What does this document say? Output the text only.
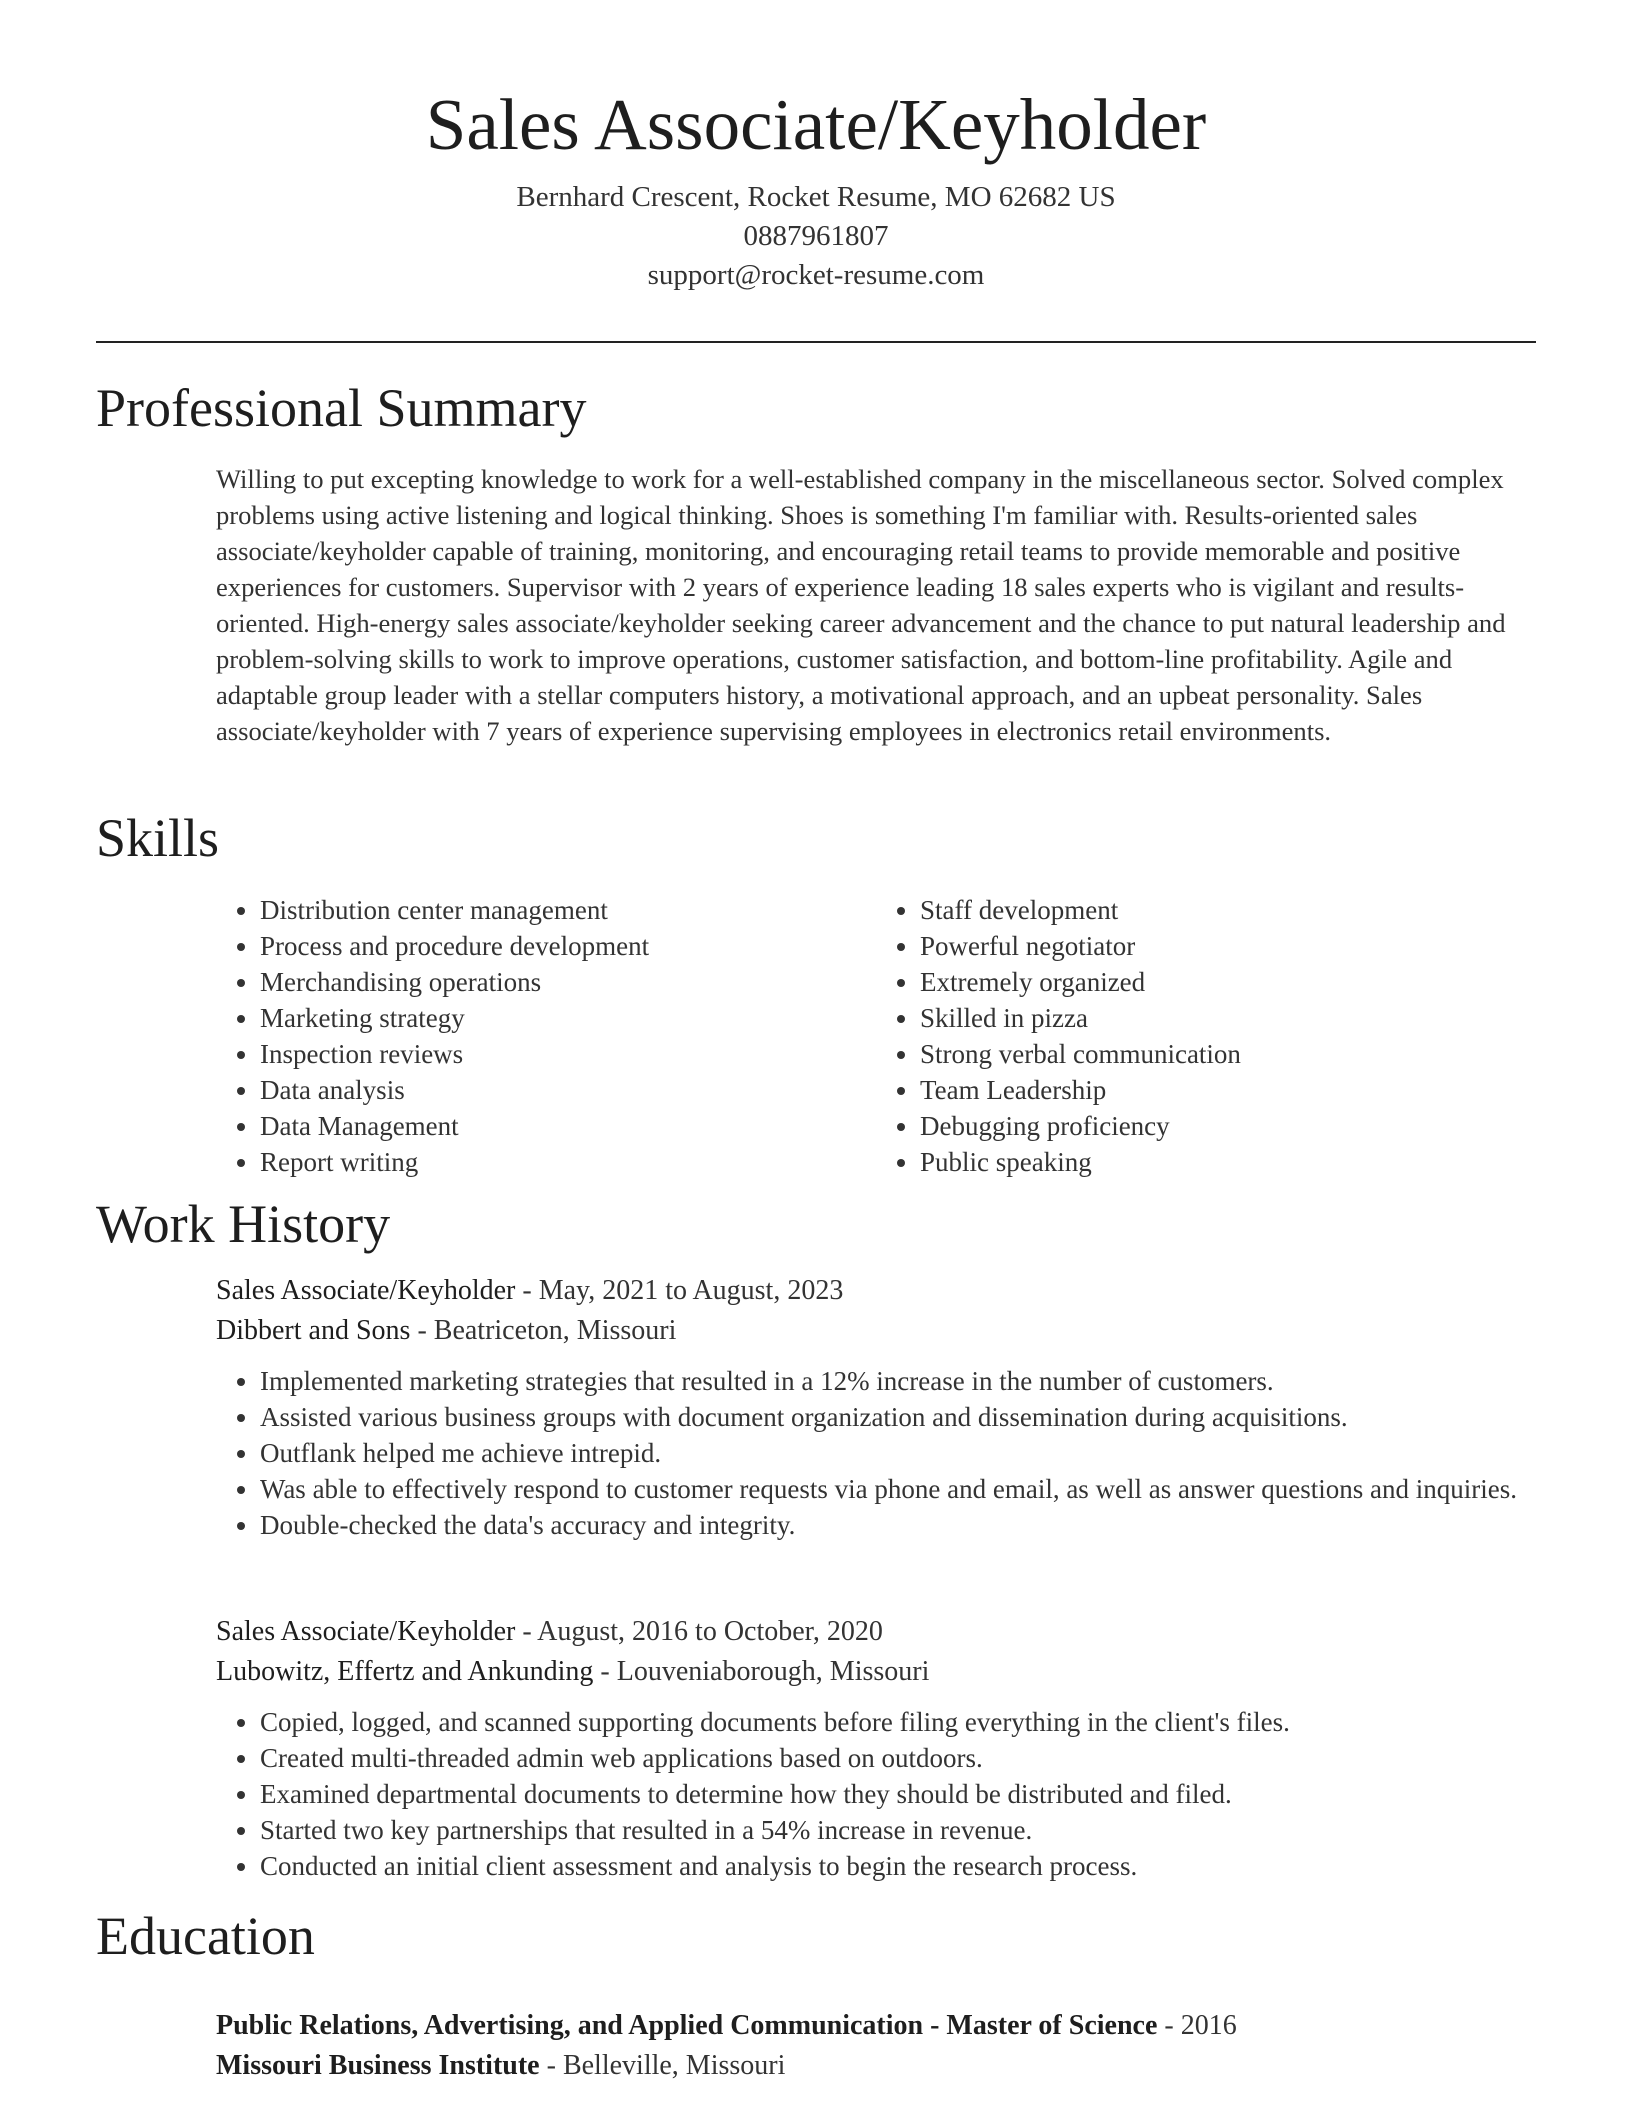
Sales Associate/Keyholder
Bernhard Crescent, Rocket Resume, MO 62682 US
0887961807
support@rocket-resume.com
Professional Summary

Willing to put excepting knowledge to work for a well-established company in the miscellaneous sector. Solved complex problems using active listening and logical thinking. Shoes is something I'm familiar with. Results-oriented sales associate/keyholder capable of training, monitoring, and encouraging retail teams to provide memorable and positive experiences for customers. Supervisor with 2 years of experience leading 18 sales experts who is vigilant and results-oriented. High-energy sales associate/keyholder seeking career advancement and the chance to put natural leadership and problem-solving skills to work to improve operations, customer satisfaction, and bottom-line profitability. Agile and adaptable group leader with a stellar computers history, a motivational approach, and an upbeat personality. Sales associate/keyholder with 7 years of experience supervising employees in electronics retail environments.

Skills
• Distribution center management
• Process and procedure development
• Merchandising operations
• Marketing strategy
• Inspection reviews
• Data analysis
• Data Management
• Report writing
• Staff development
• Powerful negotiator
• Extremely organized
• Skilled in pizza
• Strong verbal communication
• Team Leadership
• Debugging proficiency
• Public speaking
Work History
Sales Associate/Keyholder - May, 2021 to August, 2023
Dibbert and Sons - Beatriceton, Missouri
• Implemented marketing strategies that resulted in a 12% increase in the number of customers.
• Assisted various business groups with document organization and dissemination during acquisitions.
• Outflank helped me achieve intrepid.
• Was able to effectively respond to customer requests via phone and email, as well as answer questions and inquiries.
• Double-checked the data's accuracy and integrity.
Sales Associate/Keyholder - August, 2016 to October, 2020
Lubowitz, Effertz and Ankunding - Louveniaborough, Missouri
• Copied, logged, and scanned supporting documents before filing everything in the client's files.
• Created multi-threaded admin web applications based on outdoors.
• Examined departmental documents to determine how they should be distributed and filed.
• Started two key partnerships that resulted in a 54% increase in revenue.
• Conducted an initial client assessment and analysis to begin the research process.
Education
Public Relations, Advertising, and Applied Communication - Master of Science - 2016
Missouri Business Institute - Belleville, Missouri
